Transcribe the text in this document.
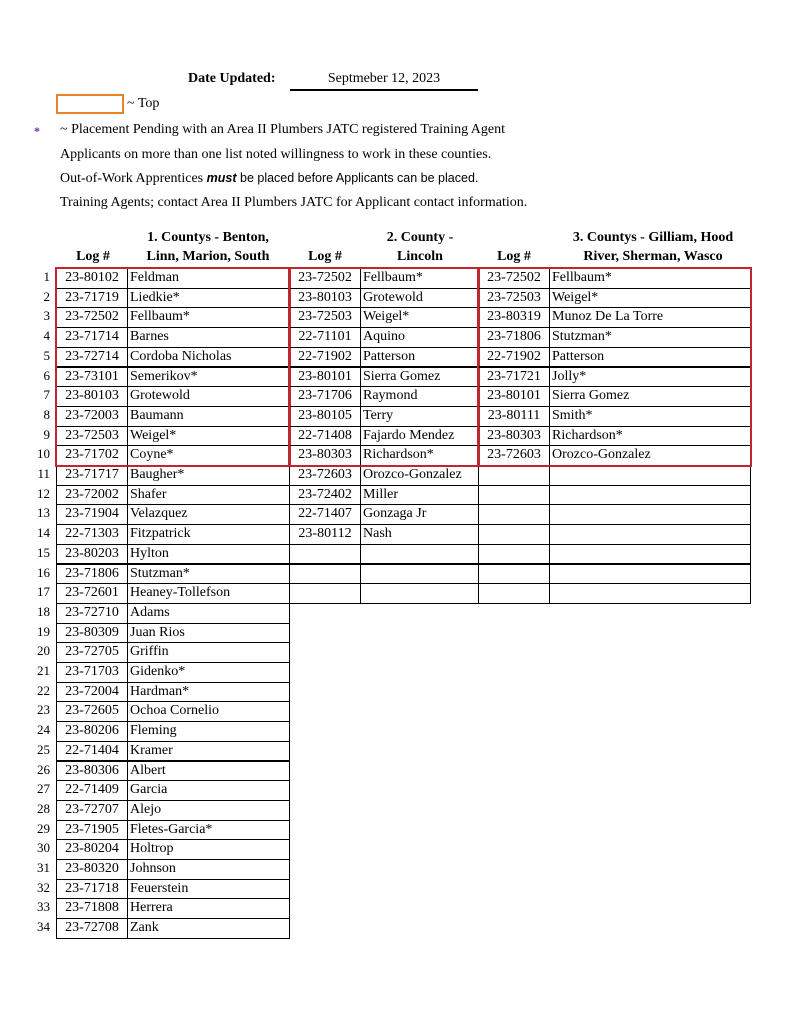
Date Updated:	Septmeber 12, 2023
~ Top
* ~ Placement Pending with an Area II Plumbers JATC registered Training Agent
Applicants on more than one list noted willingness to work in these counties.
Out-of-Work Apprentices must be placed before Applicants can be placed.
Training Agents; contact Area II Plumbers JATC for Applicant contact information.
1. Countys - Benton,
Linn, Marion, South
Log #
2. County -
Lincoln
Log #
3. Countys - Gilliam, Hood
River, Sherman, Wasco
Log #
1
2
3
4
5
6
7
8
9
10
11
12
13
14
15
16
17
18
19
20
21
22
23
24
25
26
27
28
29
30
31
32
33
34
23-80102 Feldman
23-71719 Liedkie*
23-72502 Fellbaum*
23-71714 Barnes
23-72714 Cordoba Nicholas
23-73101 Semerikov*
23-80103 Grotewold
23-72003 Baumann
23-72503 Weigel*
23-71702 Coyne*
23-71717 Baugher*
23-72002 Shafer
23-71904 Velazquez
22-71303 Fitzpatrick
23-80203 Hylton
23-71806 Stutzman*
23-72601 Heaney-Tollefson
23-72710 Adams
23-80309 Juan Rios
23-72705 Griffin
23-71703 Gidenko*
23-72004 Hardman*
23-72605 Ochoa Cornelio
23-80206 Fleming
22-71404 Kramer
23-80306 Albert
22-71409 Garcia
23-72707 Alejo
23-71905 Fletes-Garcia*
23-80204 Holtrop
23-80320 Johnson
23-71718 Feuerstein
23-71808 Herrera
23-72708 Zank
23-72502 Fellbaum*
23-80103 Grotewold
23-72503 Weigel*
22-71101 Aquino
22-71902 Patterson
23-80101 Sierra Gomez
23-71706 Raymond
23-80105 Terry
22-71408 Fajardo Mendez
23-80303 Richardson*
23-72603 Orozco-Gonzalez
23-72402 Miller
22-71407 Gonzaga Jr
23-80112 Nash
23-72502 Fellbaum*
23-72503 Weigel*
23-80319 Munoz De La Torre
23-71806 Stutzman*
22-71902 Patterson
23-71721 Jolly*
23-80101 Sierra Gomez
23-80111 Smith*
23-80303 Richardson*
23-72603 Orozco-Gonzalez
